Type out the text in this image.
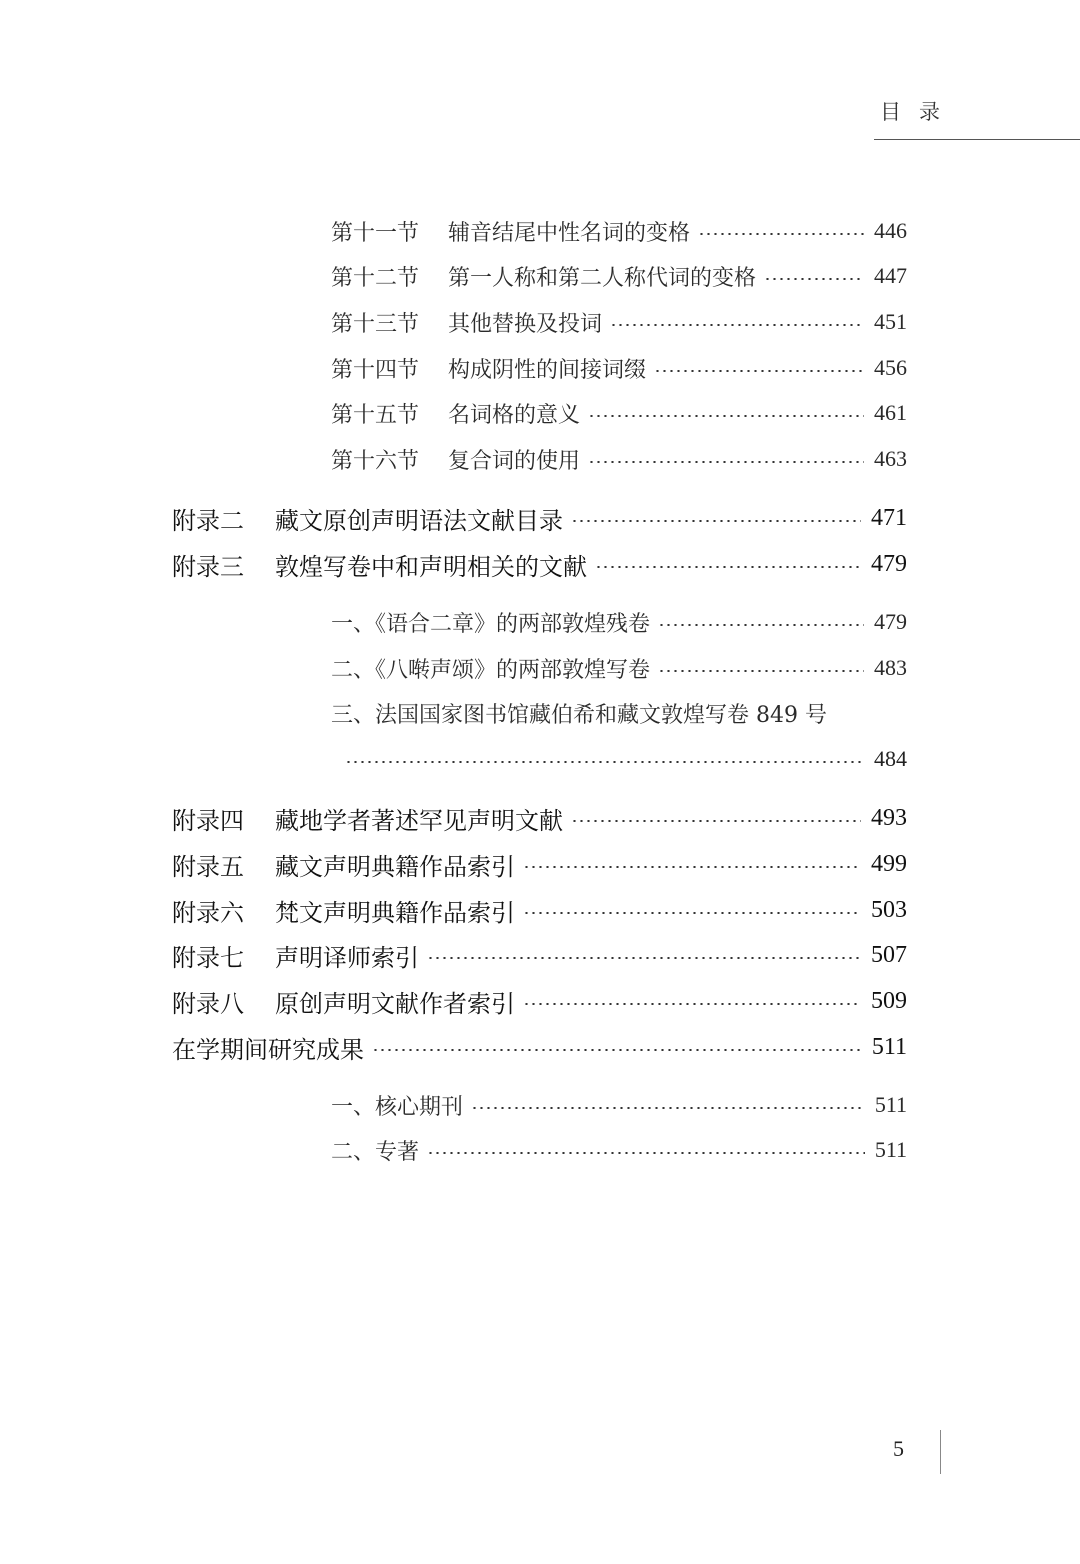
目 录
第十一节	辅音结尾中性名词的变格	446
第十二节	第一人称和第二人称代词的变格	447
第十三节	其他替换及投词	451
第十四节	构成阴性的间接词缀	456
第十五节	名词格的意义	461
第十六节	复合词的使用	463
附录二	藏文原创声明语法文献目录	471
附录三	敦煌写卷中和声明相关的文献	479
一、《语合二章》的两部敦煌残卷	479
二、《八啭声颂》的两部敦煌写卷	483
三、法国国家图书馆藏伯希和藏文敦煌写卷 849 号
484
附录四	藏地学者著述罕见声明文献	493
附录五	藏文声明典籍作品索引	499
附录六	梵文声明典籍作品索引	503
附录七	声明译师索引	507
附录八	原创声明文献作者索引	509
在学期间研究成果	511
一、核心期刊	511
二、专著	511
5
